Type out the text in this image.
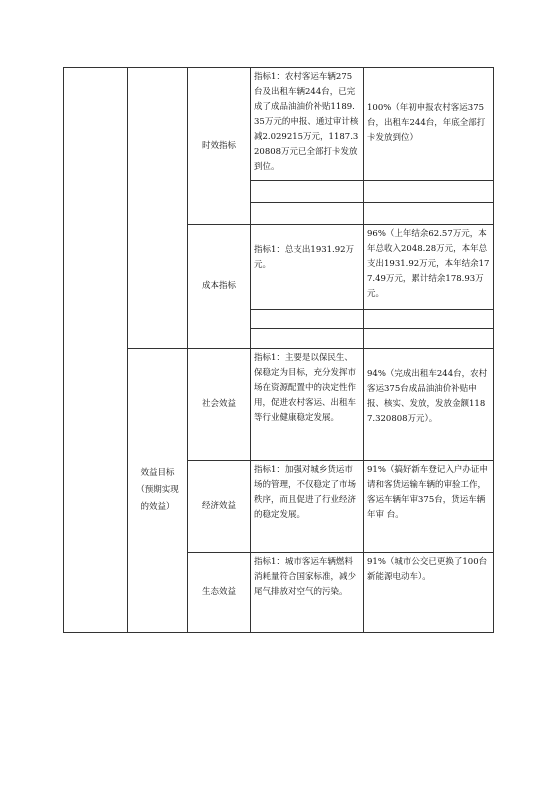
		时效指标	指标1：农村客运车辆275台及出租车辆244台，已完成了成品油油价补贴1189.35万元的申报、通过审计核减2.029215万元，1187.320808万元已全部打卡发放到位。	100%（年初申报农村客运375台，出租车244台，年底全部打卡发放到位）

		成本指标	指标1：总支出1931.92万元。	96%（上年结余62.57万元，本年总收入2048.28万元，本年总支出1931.92万元，本年结余177.49万元，累计结余178.93万元。

	效益目标（预期实现的效益）	社会效益	指标1：主要是以保民生、保稳定为目标，充分发挥市场在资源配置中的决定性作用，促进农村客运、出租车等行业健康稳定发展。	94%（完成出租车244台，农村客运375台成品油油价补贴申报、核实、发放，发放金额1187.320808万元）。

		经济效益	指标1：加强对城乡货运市场的管理，不仅稳定了市场秩序，而且促进了行业经济的稳定发展。	91%（搞好新车登记入户办证申请和客货运输车辆的审验工作，客运车辆年审375台，货运车辆年审 台。

		生态效益	指标1：城市客运车辆燃料消耗量符合国家标准，减少尾气排放对空气的污染。	91%（城市公交已更换了100台新能源电动车）。
